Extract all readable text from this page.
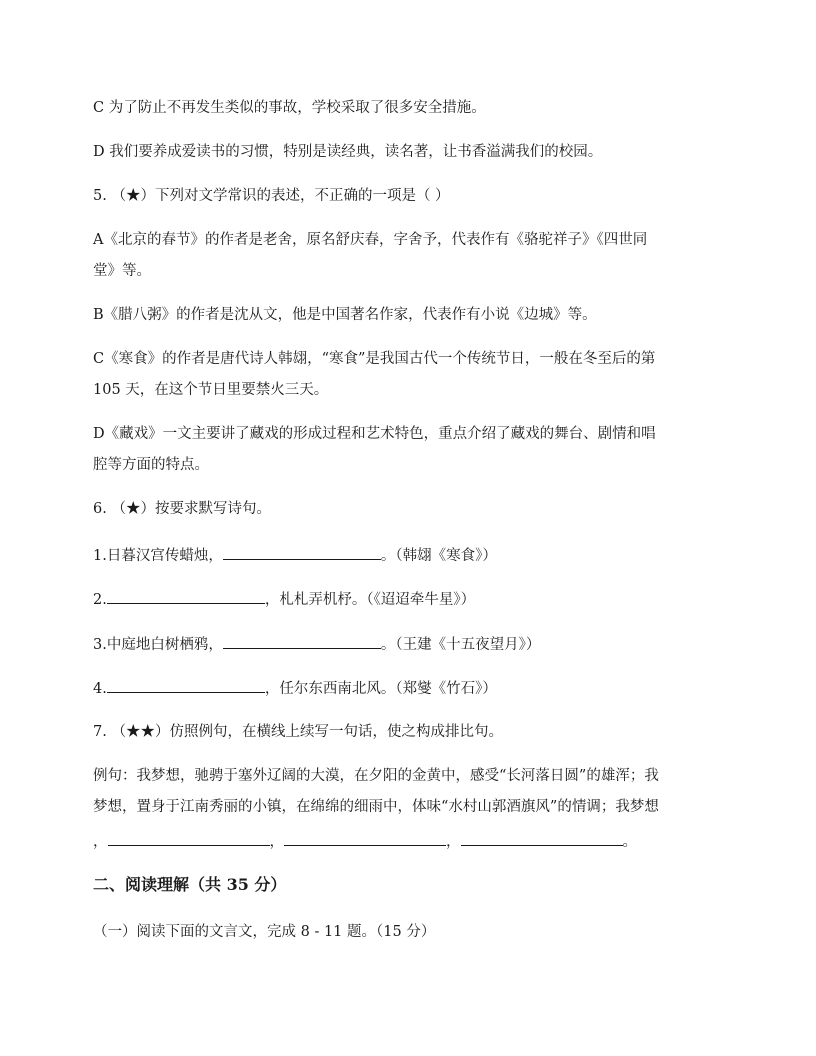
C 为了防止不再发生类似的事故，学校采取了很多安全措施。
D 我们要养成爱读书的习惯，特别是读经典，读名著，让书香溢满我们的校园。
5. （★）下列对文学常识的表述，不正确的一项是（ ）
A《北京的春节》的作者是老舍，原名舒庆春，字舍予，代表作有《骆驼祥子》《四世同
堂》等。
B《腊八粥》的作者是沈从文，他是中国著名作家，代表作有小说《边城》等。
C《寒食》的作者是唐代诗人韩翃，“寒食”是我国古代一个传统节日，一般在冬至后的第
105 天，在这个节日里要禁火三天。
D《藏戏》一文主要讲了藏戏的形成过程和艺术特色，重点介绍了藏戏的舞台、剧情和唱
腔等方面的特点。
6. （★）按要求默写诗句。
1.日暮汉宫传蜡烛，	。（韩翃《寒食》）
2.	，札札弄机杼。（《迢迢牵牛星》）
3.中庭地白树栖鸦，	。（王建《十五夜望月》）
4.	，任尔东西南北风。（郑燮《竹石》）
7. （★★）仿照例句，在横线上续写一句话，使之构成排比句。
例句：我梦想，驰骋于塞外辽阔的大漠，在夕阳的金黄中，感受“长河落日圆”的雄浑；我
梦想，置身于江南秀丽的小镇，在绵绵的细雨中，体味“水村山郭酒旗风”的情调；我梦想
，	，	，	。
二、阅读理解（共 35 分）
（一）阅读下面的文言文，完成 8 - 11 题。（15 分）
